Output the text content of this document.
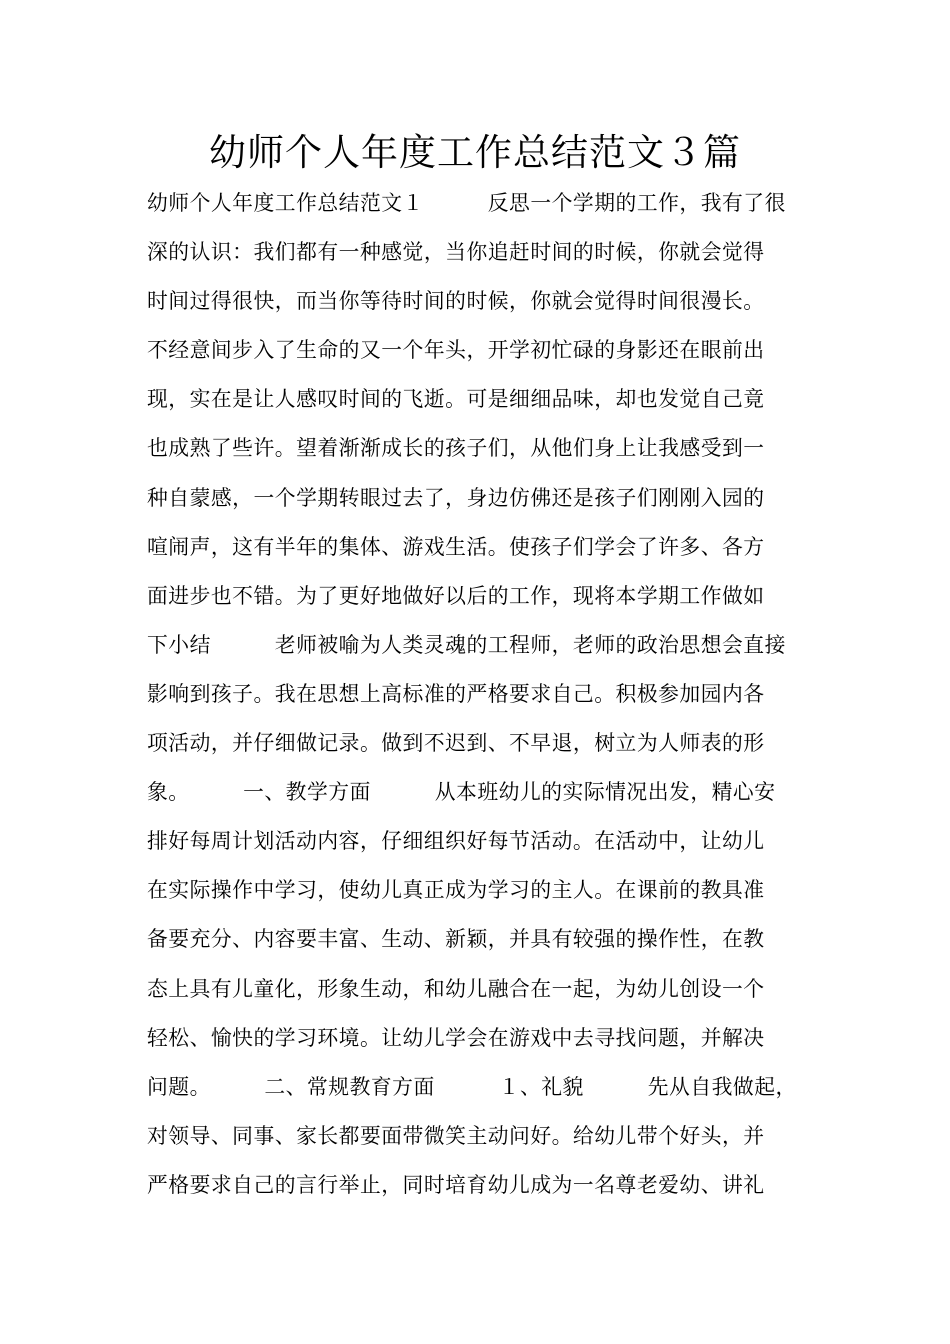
幼师个人年度工作总结范文３篇
幼师个人年度工作总结范文１　　　反思一个学期的工作，我有了很
深的认识：我们都有一种感觉，当你追赶时间的时候，你就会觉得
时间过得很快，而当你等待时间的时候，你就会觉得时间很漫长。
不经意间步入了生命的又一个年头，开学初忙碌的身影还在眼前出
现，实在是让人感叹时间的飞逝。可是细细品味，却也发觉自己竟
也成熟了些许。望着渐渐成长的孩子们，从他们身上让我感受到一
种自蒙感，一个学期转眼过去了，身边仿佛还是孩子们刚刚入园的
喧闹声，这有半年的集体、游戏生活。使孩子们学会了许多、各方
面进步也不错。为了更好地做好以后的工作，现将本学期工作做如
下小结　　　老师被喻为人类灵魂的工程师，老师的政治思想会直接
影响到孩子。我在思想上高标准的严格要求自己。积极参加园内各
项活动，并仔细做记录。做到不迟到、不早退，树立为人师表的形
象。　　　一、教学方面　　　从本班幼儿的实际情况出发，精心安
排好每周计划活动内容，仔细组织好每节活动。在活动中，让幼儿
在实际操作中学习，使幼儿真正成为学习的主人。在课前的教具准
备要充分、内容要丰富、生动、新颖，并具有较强的操作性，在教
态上具有儿童化，形象生动，和幼儿融合在一起，为幼儿创设一个
轻松、愉快的学习环境。让幼儿学会在游戏中去寻找问题，并解决
问题。　　　二、常规教育方面　　　１、礼貌　　　先从自我做起，
对领导、同事、家长都要面带微笑主动问好。给幼儿带个好头，并
严格要求自己的言行举止，同时培育幼儿成为一名尊老爱幼、讲礼
